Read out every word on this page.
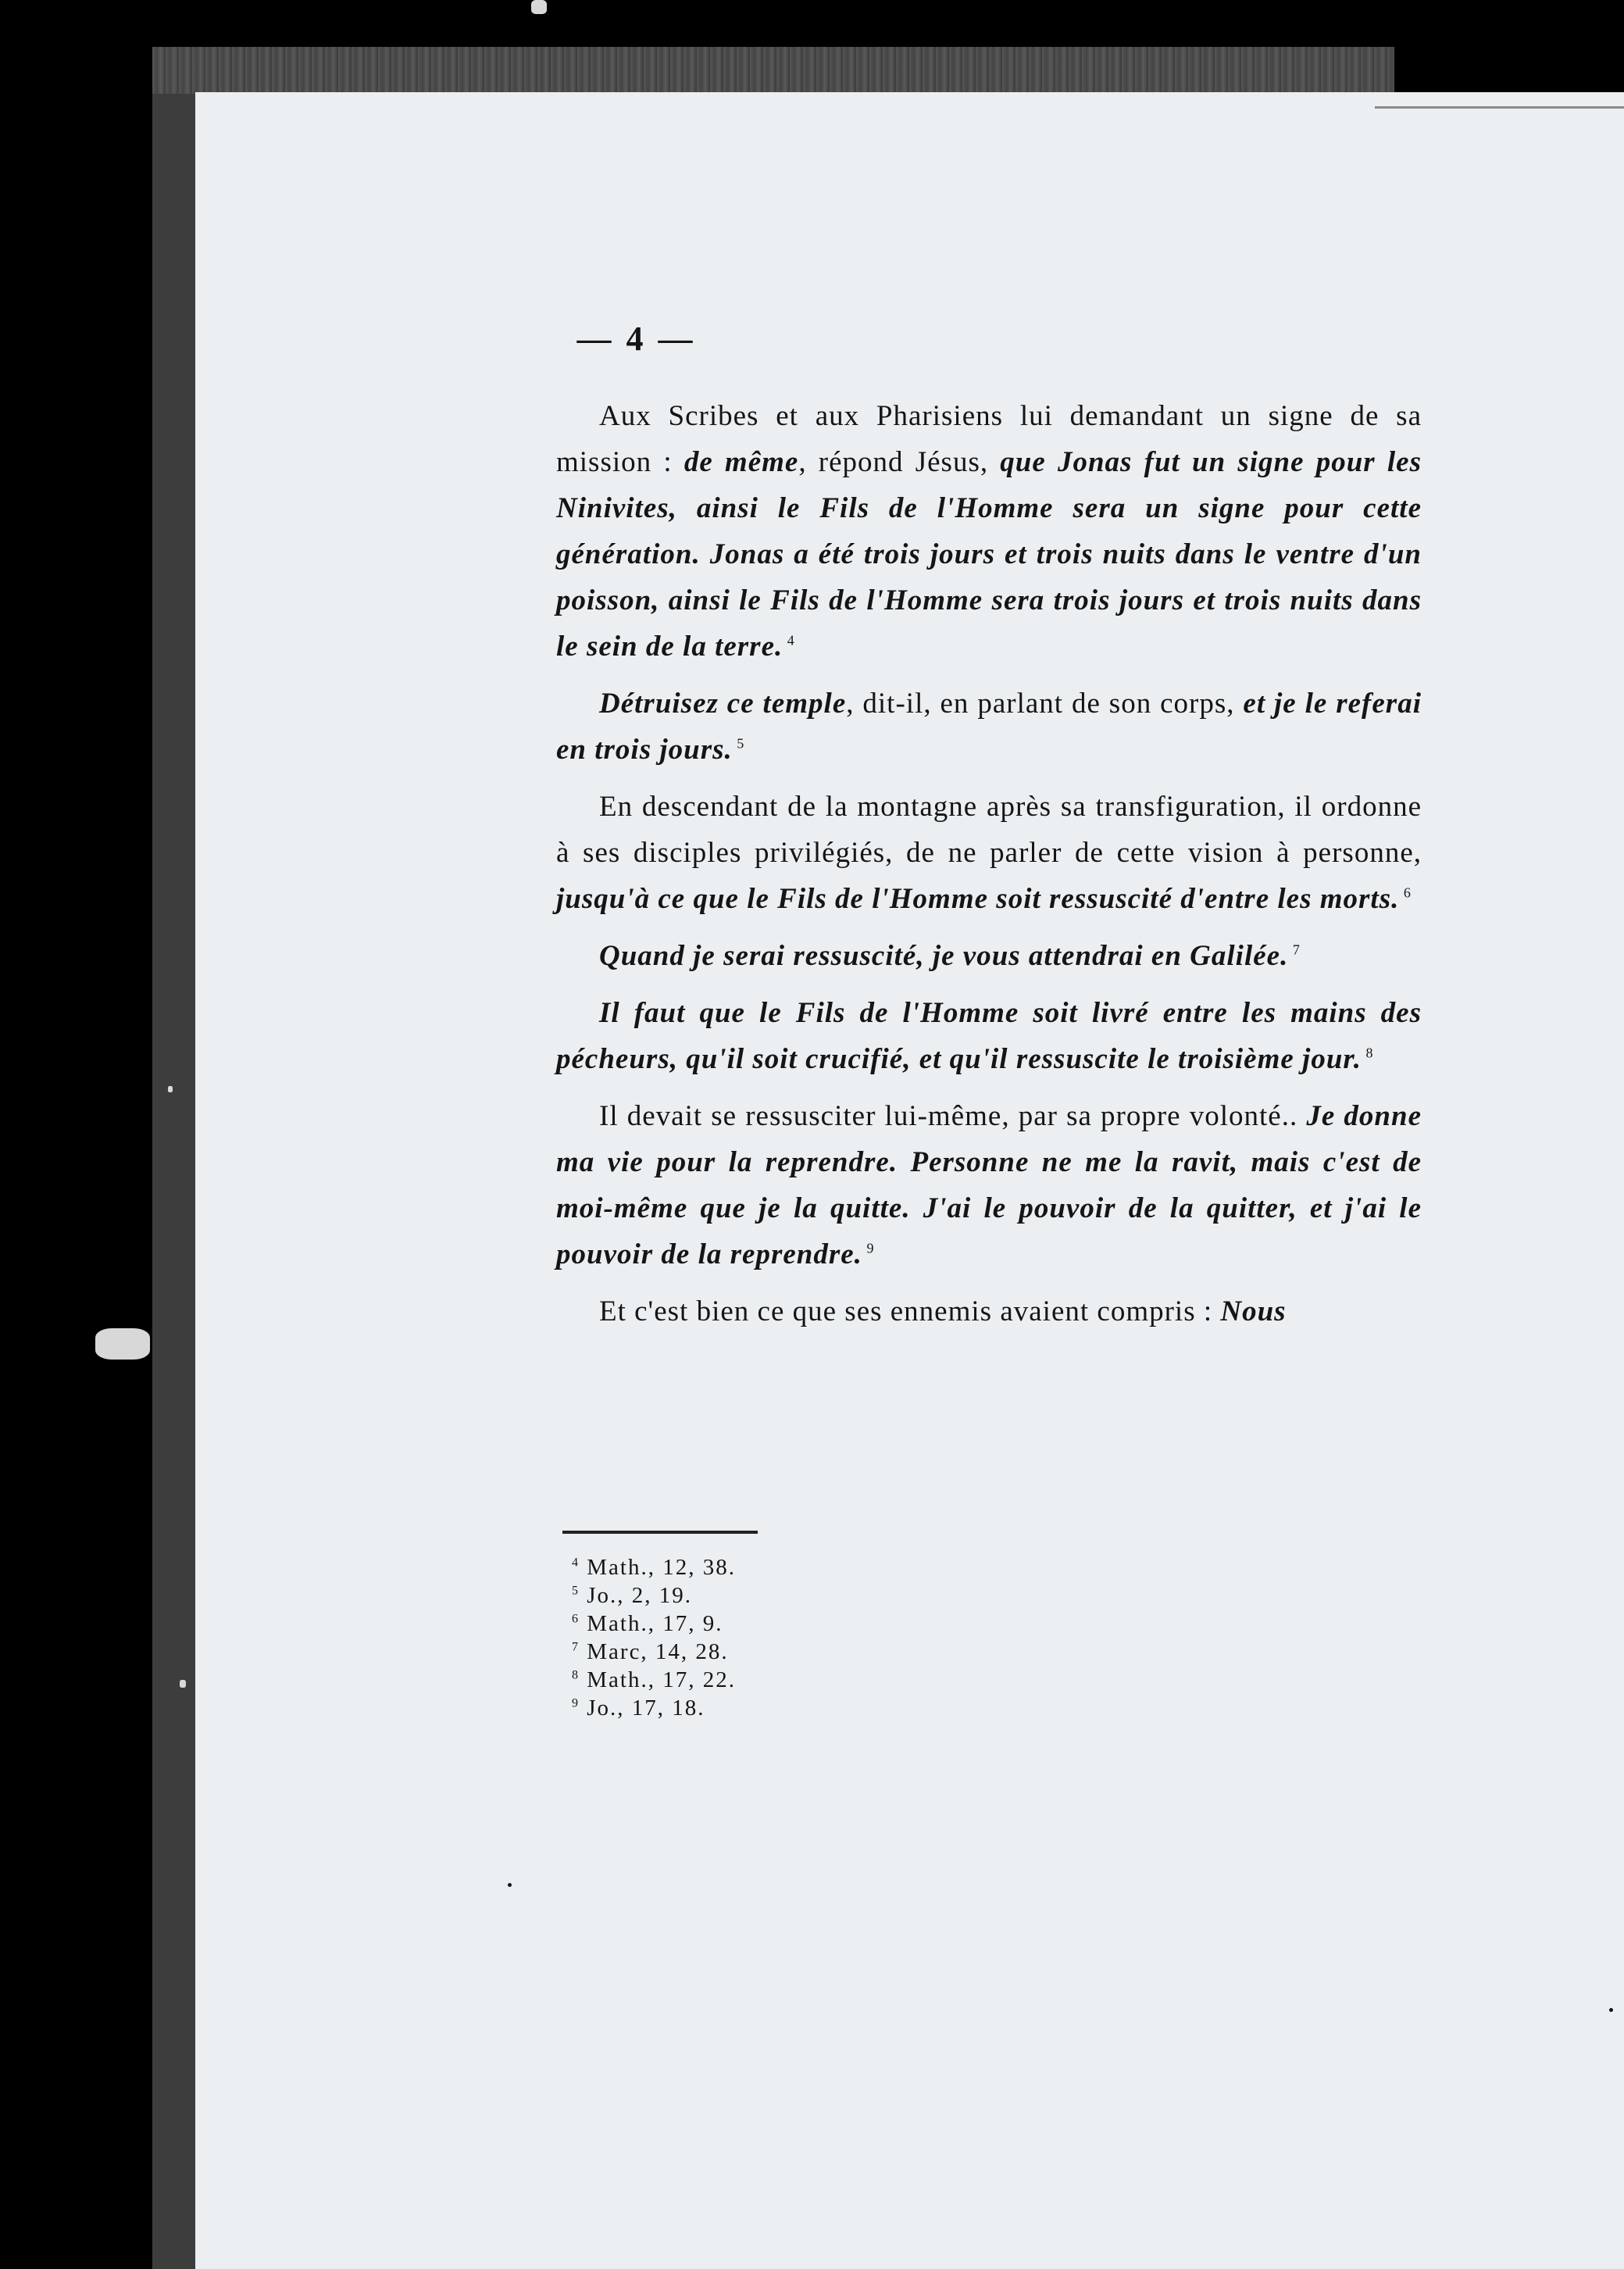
— 4 —

Aux Scribes et aux Pharisiens lui demandant un signe de sa mission : de même, répond Jésus, que Jonas fut un signe pour les Ninivites, ainsi le Fils de l'Homme sera un signe pour cette génération. Jonas a été trois jours et trois nuits dans le ventre d'un poisson, ainsi le Fils de l'Homme sera trois jours et trois nuits dans le sein de la terre. $^4$

Détruisez ce temple, dit-il, en parlant de son corps, et je le referai en trois jours. $^5$

En descendant de la montagne après sa transfiguration, il ordonne à ses disciples privilégiés, de ne parler de cette vision à personne, jusqu'à ce que le Fils de l'Homme soit ressuscité d'entre les morts. $^6$

Quand je serai ressuscité, je vous attendrai en Galilée. $^7$

Il faut que le Fils de l'Homme soit livré entre les mains des pécheurs, qu'il soit crucifié, et qu'il ressuscite le troisième jour. $^8$

Il devait se ressusciter lui-même, par sa propre volonté.. Je donne ma vie pour la reprendre. Personne ne me la ravit, mais c'est de moi-même que je la quitte. J'ai le pouvoir de la quitter, et j'ai le pouvoir de la reprendre. $^9$

Et c'est bien ce que ses ennemis avaient compris : Nous

$^4$ Math., 12, 38.
$^5$ Jo., 2, 19.
$^6$ Math., 17, 9.
$^7$ Marc, 14, 28.
$^8$ Math., 17, 22.
$^9$ Jo., 17, 18.
